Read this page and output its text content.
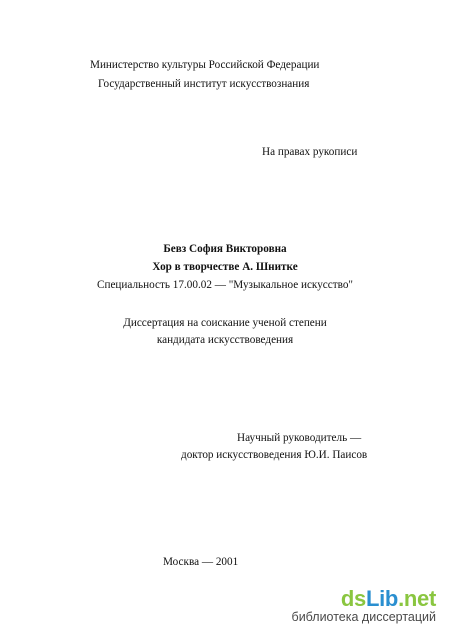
Министерство культуры Российской Федерации
Государственный институт искусствознания
На правах рукописи
Бевз София Викторовна
Хор в творчестве А. Шнитке
Специальность 17.00.02 — "Музыкальное искусство"
Диссертация на соискание ученой степени
кандидата искусствоведения
Научный руководитель —
доктор искусствоведения Ю.И. Паисов
Москва — 2001
dsLib.net
библиотека диссертаций
